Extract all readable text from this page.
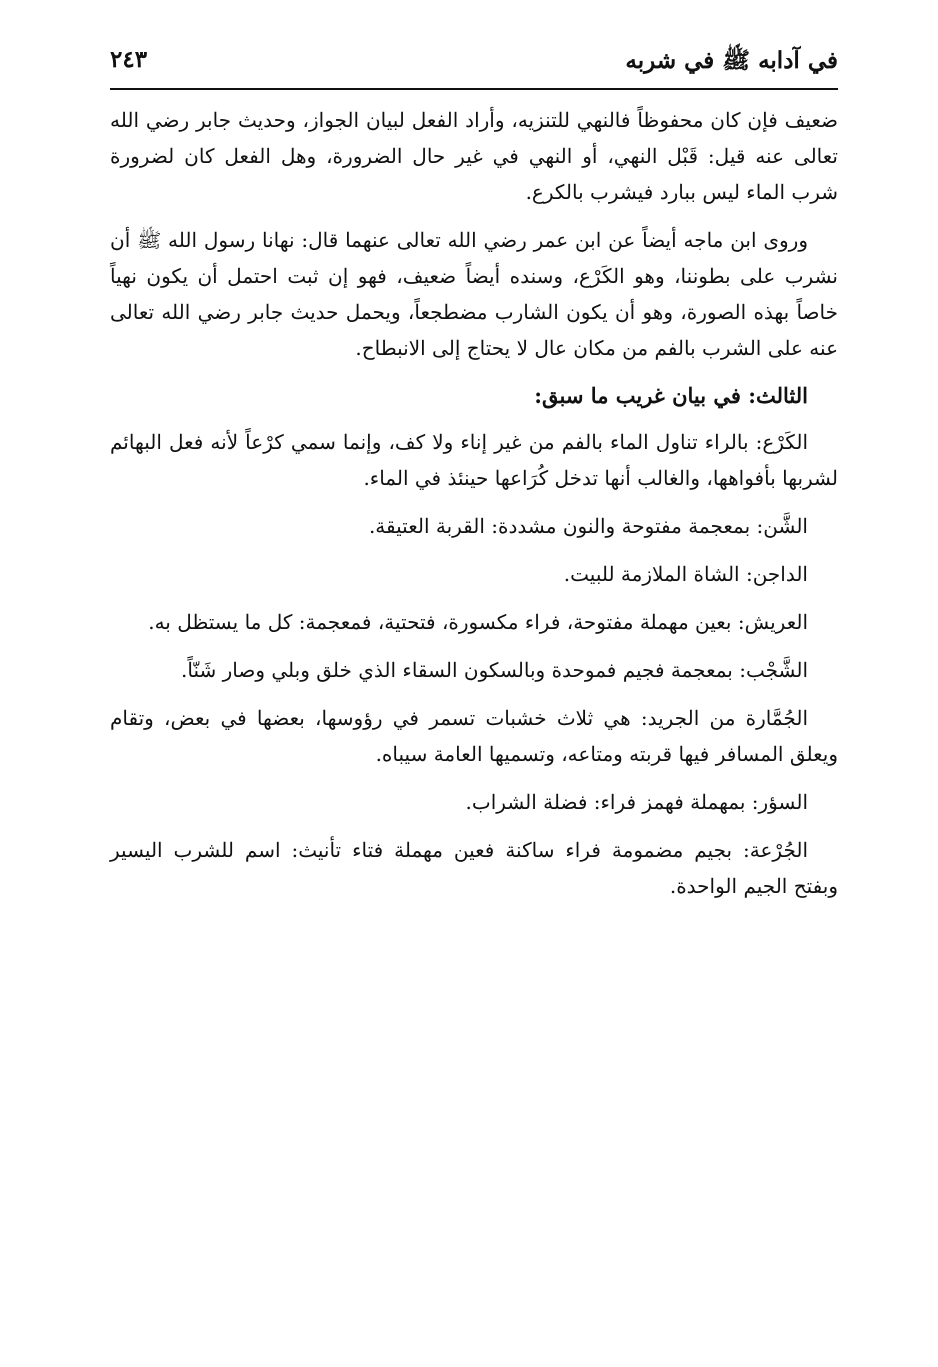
في آدابه ﷺ في شربه
٢٤٣

ضعيف فإن كان محفوظاً فالنهي للتنزيه، وأراد الفعل لبيان الجواز، وحديث جابر رضي الله تعالى عنه قيل: قَبْل النهي، أو النهي في غير حال الضرورة، وهل الفعل كان لضرورة شرب الماء ليس ببارد فيشرب بالكرع.

وروى ابن ماجه أيضاً عن ابن عمر رضي الله تعالى عنهما قال: نهانا رسول الله ﷺ أن نشرب على بطوننا، وهو الكَرْع، وسنده أيضاً ضعيف، فهو إن ثبت احتمل أن يكون نهياً خاصاً بهذه الصورة، وهو أن يكون الشارب مضطجعاً، ويحمل حديث جابر رضي الله تعالى عنه على الشرب بالفم من مكان عال لا يحتاج إلى الانبطاح.

الثالث: في بيان غريب ما سبق:

الكَرْع: بالراء تناول الماء بالفم من غير إناء ولا كف، وإنما سمي كرْعاً لأنه فعل البهائم لشربها بأفواهها، والغالب أنها تدخل كُرَاعها حينئذ في الماء.

الشَّن: بمعجمة مفتوحة والنون مشددة: القربة العتيقة.

الداجن: الشاة الملازمة للبيت.

العريش: بعين مهملة مفتوحة، فراء مكسورة، فتحتية، فمعجمة: كل ما يستظل به.

الشَّجْب: بمعجمة فجيم فموحدة وبالسكون السقاء الذي خلق وبلي وصار شَنّاً.

الجُمَّارة من الجريد: هي ثلاث خشبات تسمر في رؤوسها، بعضها في بعض، وتقام ويعلق المسافر فيها قربته ومتاعه، وتسميها العامة سيباه.

السؤر: بمهملة فهمز فراء: فضلة الشراب.

الجُرْعة: بجيم مضمومة فراء ساكنة فعين مهملة فتاء تأنيث: اسم للشرب اليسير وبفتح الجيم الواحدة.
